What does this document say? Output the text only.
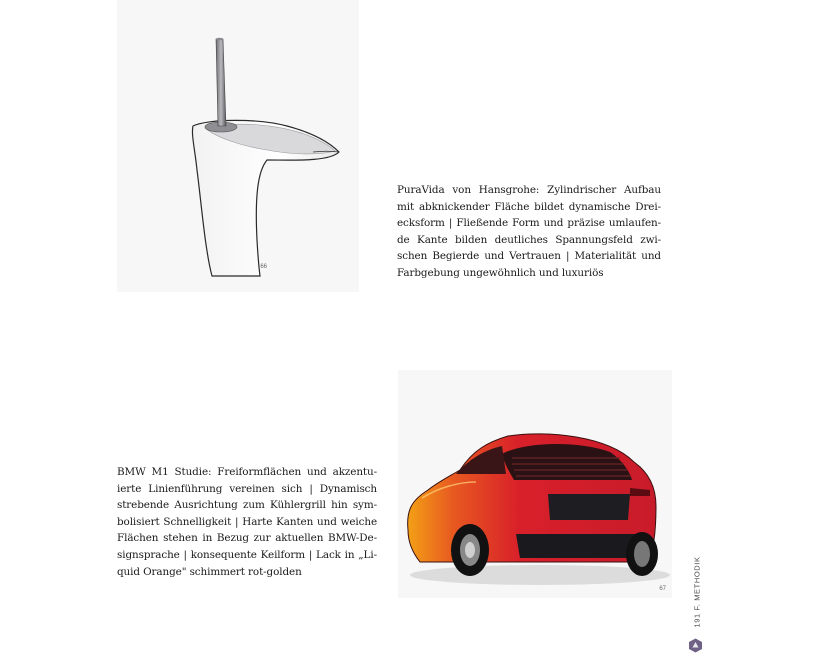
66
PuraVida von Hansgrohe: Zylindrischer Aufbau
mit abknickender Fläche bildet dynamische Drei-
ecksform | Fließende Form und präzise umlaufen-
de Kante bilden deutliches Spannungsfeld zwi-
schen Begierde und Vertrauen | Materialität und
Farbgebung ungewöhnlich und luxuriös
BMW M1 Studie: Freiformflächen und akzentu-
ierte Linienführung vereinen sich | Dynamisch
strebende Ausrichtung zum Kühlergrill hin sym-
bolisiert Schnelligkeit | Harte Kanten und weiche
Flächen stehen in Bezug zur aktuellen BMW-De-
signsprache | konsequente Keilform | Lack in „Li-
quid Orange" schimmert rot-golden
67	191 F. METHODIK
